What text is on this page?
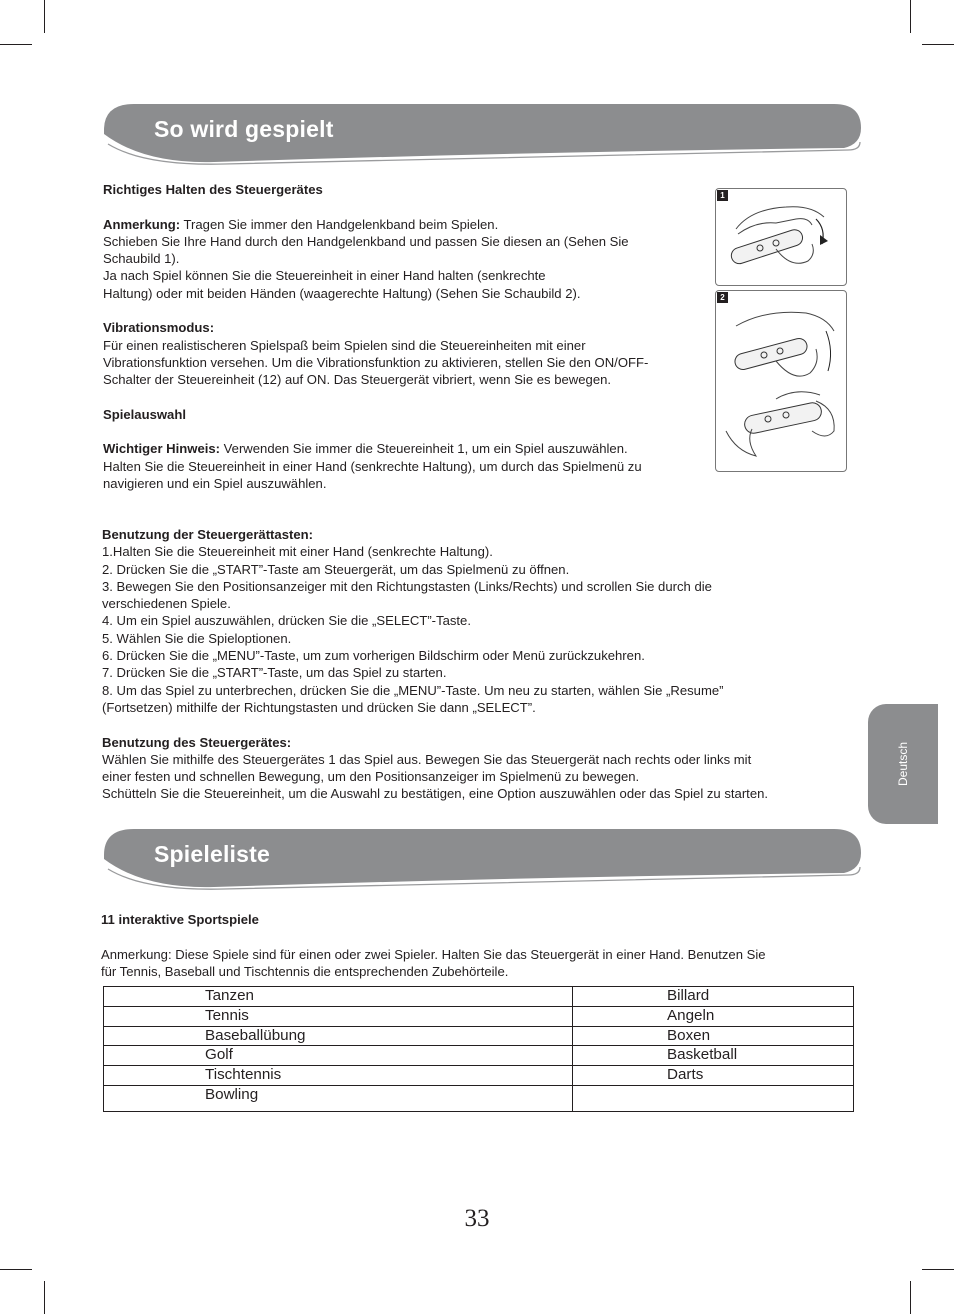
So wird gespielt

Richtiges Halten des Steuergerätes

Anmerkung: Tragen Sie immer den Handgelenkband beim Spielen.

Schieben Sie Ihre Hand durch den Handgelenkband und passen Sie diesen an (Sehen Sie

Schaubild 1).

Ja nach Spiel können Sie die Steuereinheit in einer Hand halten (senkrechte

Haltung) oder mit beiden Händen (waagerechte Haltung) (Sehen Sie Schaubild 2).

Vibrationsmodus:

Für einen realistischeren Spielspaß beim Spielen sind die Steuereinheiten mit einer

Vibrationsfunktion versehen. Um die Vibrationsfunktion zu aktivieren, stellen Sie den ON/OFF-

Schalter der Steuereinheit (12) auf ON. Das Steuergerät vibriert, wenn Sie es bewegen.

Spielauswahl

Wichtiger Hinweis: Verwenden Sie immer die Steuereinheit 1, um ein Spiel auszuwählen.

Halten Sie die Steuereinheit in einer Hand (senkrechte Haltung), um durch das Spielmenü zu

navigieren und ein Spiel auszuwählen.

1
2

Benutzung der Steuergerättasten:

1.Halten Sie die Steuereinheit mit einer Hand (senkrechte Haltung).

2. Drücken Sie die „START”-Taste am Steuergerät, um das Spielmenü zu öffnen.

3. Bewegen Sie den Positionsanzeiger mit den Richtungstasten (Links/Rechts) und scrollen Sie durch die

verschiedenen Spiele.

4. Um ein Spiel auszuwählen, drücken Sie die „SELECT”-Taste.

5. Wählen Sie die Spieloptionen.

6. Drücken Sie die „MENU”-Taste, um zum vorherigen Bildschirm oder Menü zurückzukehren.

7. Drücken Sie die „START”-Taste, um das Spiel zu starten.

8. Um das Spiel zu unterbrechen, drücken Sie die „MENU”-Taste. Um neu zu starten, wählen Sie „Resume”

(Fortsetzen) mithilfe der Richtungstasten und drücken Sie dann „SELECT”.

Benutzung des Steuergerätes:

Wählen Sie mithilfe des Steuergerätes 1 das Spiel aus. Bewegen Sie das Steuergerät nach rechts oder links mit

einer festen und schnellen Bewegung, um den Positionsanzeiger im Spielmenü zu bewegen.

Schütteln Sie die Steuereinheit, um die Auswahl zu bestätigen, eine Option auszuwählen oder das Spiel zu starten.

Deutsch
Spieleliste

11 interaktive Sportspiele

Anmerkung: Diese Spiele sind für einen oder zwei Spieler. Halten Sie das Steuergerät in einer Hand. Benutzen Sie

für Tennis, Baseball und Tischtennis die entsprechenden Zubehörteile.

Tanzen	Billard
Tennis	Angeln
Baseballübung	Boxen
Golf	Basketball
Tischtennis	Darts
Bowling	
33
